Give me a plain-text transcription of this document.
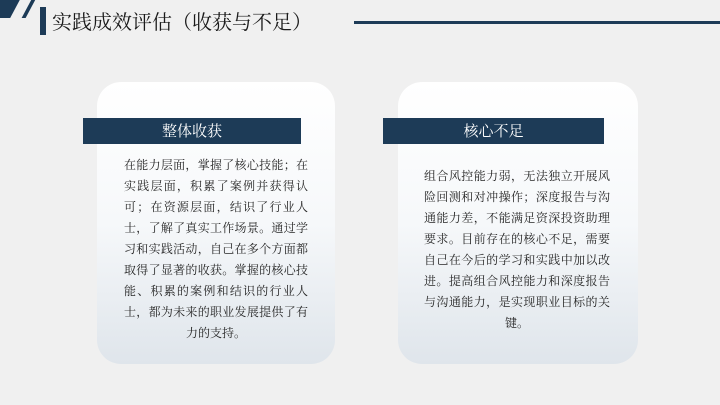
实践成效评估（收获与不足）
整体收获

在能力层面，掌握了核心技能；在实践层面，积累了案例并获得认可；在资源层面，结识了行业人士，了解了真实工作场景。通过学习和实践活动，自己在多个方面都取得了显著的收获。掌握的核心技能、积累的案例和结识的行业人士，都为未来的职业发展提供了有力的支持。

核心不足

组合风控能力弱，无法独立开展风险回测和对冲操作；深度报告与沟通能力差，不能满足资深投资助理要求。目前存在的核心不足，需要自己在今后的学习和实践中加以改进。提高组合风控能力和深度报告与沟通能力，是实现职业目标的关键。
